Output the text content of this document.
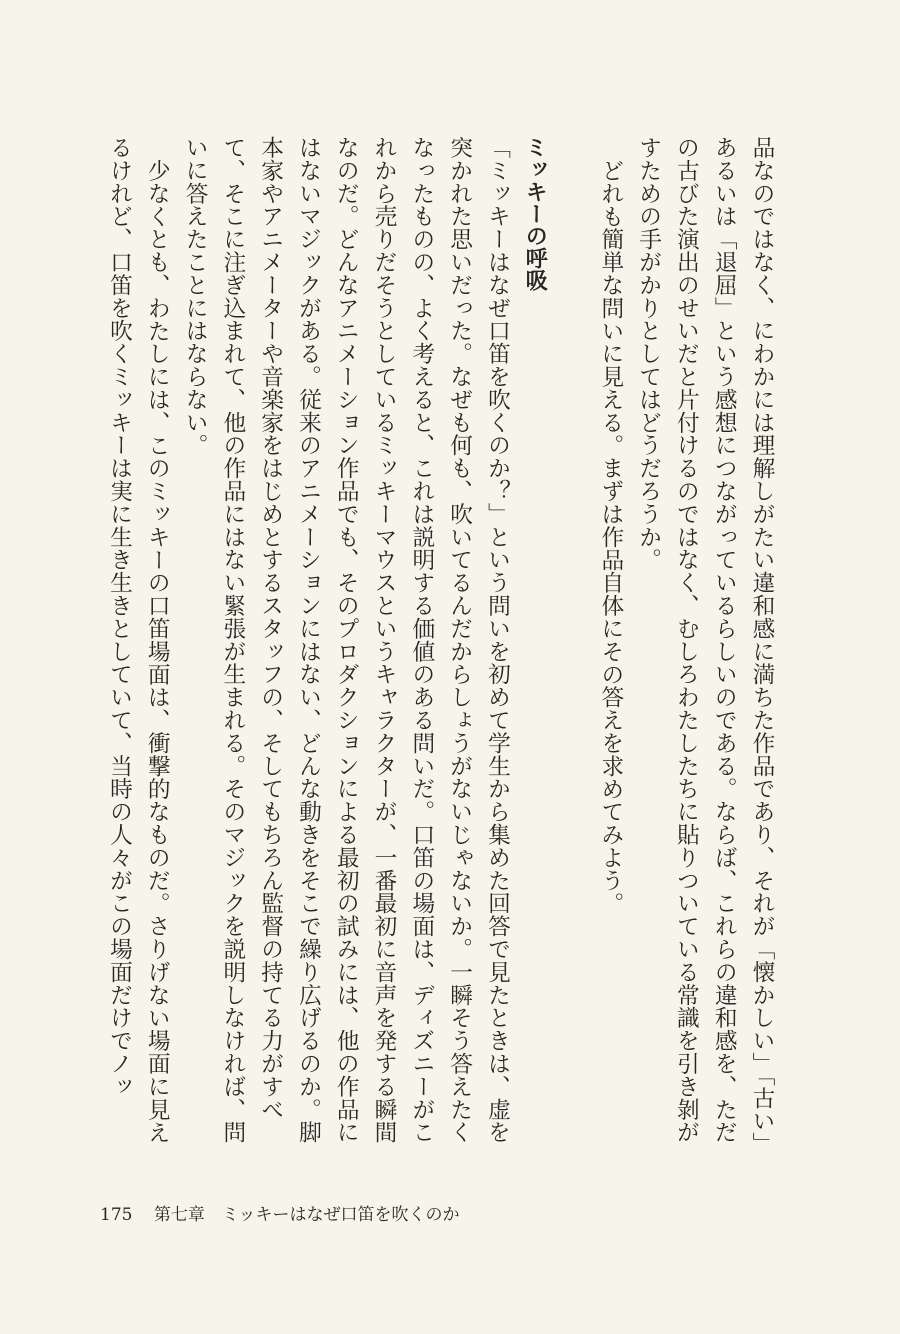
品なのではなく、にわかには理解しがたい違和感に満ちた作品であり、それが「懐かしい」「古い」あるいは「退屈」という感想につながっているらしいのである。ならば、これらの違和感を、ただの古びた演出のせいだと片付けるのではなく、むしろわたしたちに貼りついている常識を引き剝がすための手がかりとしてはどうだろうか。

どれも簡単な問いに見える。まずは作品自体にその答えを求めてみよう。

ミッキーの呼吸

「ミッキーはなぜ口笛を吹くのか？」という問いを初めて学生から集めた回答で見たときは、虚を突かれた思いだった。なぜも何も、吹いてるんだからしょうがないじゃないか。一瞬そう答えたくなったものの、よく考えると、これは説明する価値のある問いだ。口笛の場面は、ディズニーがこれから売りだそうとしているミッキーマウスというキャラクターが、一番最初に音声を発する瞬間なのだ。どんなアニメーション作品でも、そのプロダクションによる最初の試みには、他の作品にはないマジックがある。従来のアニメーションにはない、どんな動きをそこで繰り広げるのか。脚本家やアニメーターや音楽家をはじめとするスタッフの、そしてもちろん監督の持てる力がすべて、そこに注ぎ込まれて、他の作品にはない緊張が生まれる。そのマジックを説明しなければ、問いに答えたことにはならない。

少なくとも、わたしには、このミッキーの口笛場面は、衝撃的なものだ。さりげない場面に見えるけれど、口笛を吹くミッキーは実に生き生きとしていて、当時の人々がこの場面だけでノッ

175 第七章　ミッキーはなぜ口笛を吹くのか
